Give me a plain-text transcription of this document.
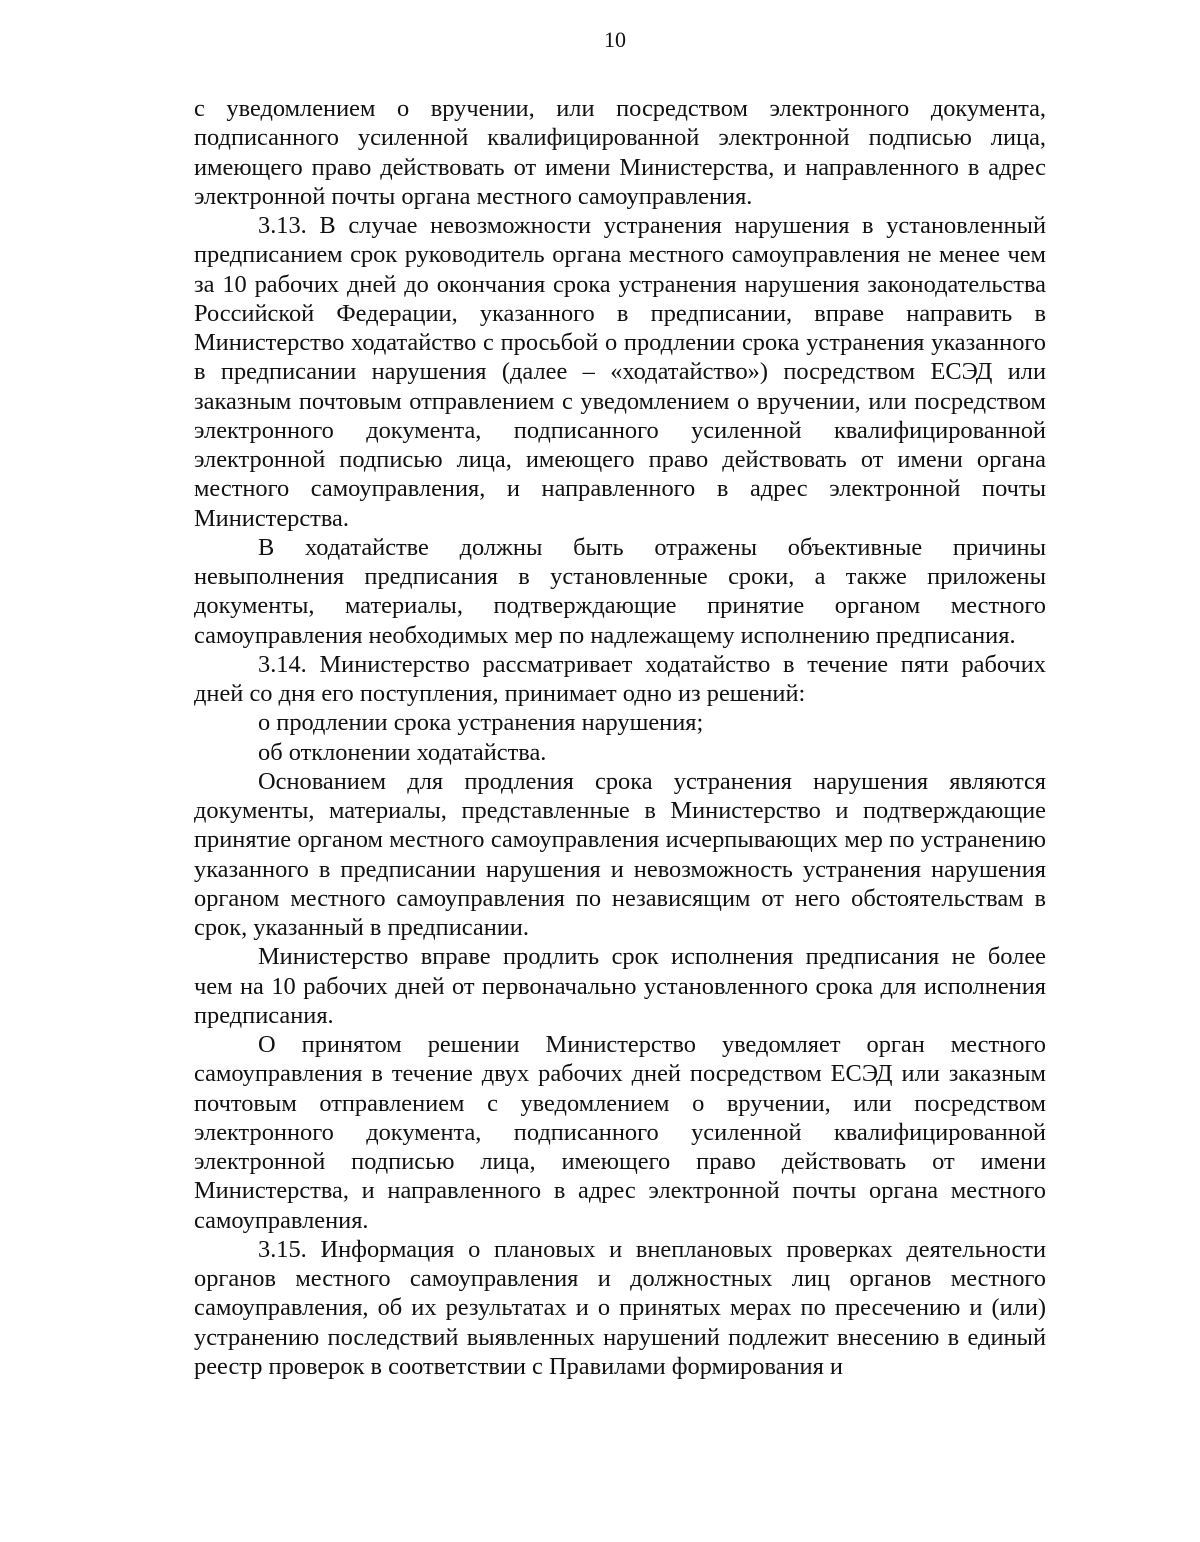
10

с уведомлением о вручении, или посредством электронного документа, подписанного усиленной квалифицированной электронной подписью лица, имеющего право действовать от имени Министерства, и направленного в адрес электронной почты органа местного самоуправления.

3.13. В случае невозможности устранения нарушения в установленный предписанием срок руководитель органа местного самоуправления не менее чем за 10 рабочих дней до окончания срока устранения нарушения законодательства Российской Федерации, указанного в предписании, вправе направить в Министерство ходатайство с просьбой о продлении срока устранения указанного в предписании нарушения (далее – «ходатайство») посредством ЕСЭД или заказным почтовым отправлением с уведомлением о вручении, или посредством электронного документа, подписанного усиленной квалифицированной электронной подписью лица, имеющего право действовать от имени органа местного самоуправления, и направленного в адрес электронной почты Министерства.

В ходатайстве должны быть отражены объективные причины невыполнения предписания в установленные сроки, а также приложены документы, материалы, подтверждающие принятие органом местного самоуправления необходимых мер по надлежащему исполнению предписания.

3.14. Министерство рассматривает ходатайство в течение пяти рабочих дней со дня его поступления, принимает одно из решений:

о продлении срока устранения нарушения;

об отклонении ходатайства.

Основанием для продления срока устранения нарушения являются документы, материалы, представленные в Министерство и подтверждающие принятие органом местного самоуправления исчерпывающих мер по устранению указанного в предписании нарушения и невозможность устранения нарушения органом местного самоуправления по независящим от него обстоятельствам в срок, указанный в предписании.

Министерство вправе продлить срок исполнения предписания не более чем на 10 рабочих дней от первоначально установленного срока для исполнения предписания.

О принятом решении Министерство уведомляет орган местного самоуправления в течение двух рабочих дней посредством ЕСЭД или заказным почтовым отправлением с уведомлением о вручении, или посредством электронного документа, подписанного усиленной квалифицированной электронной подписью лица, имеющего право действовать от имени Министерства, и направленного в адрес электронной почты органа местного самоуправления.

3.15. Информация о плановых и внеплановых проверках деятельности органов местного самоуправления и должностных лиц органов местного самоуправления, об их результатах и о принятых мерах по пресечению и (или) устранению последствий выявленных нарушений подлежит внесению в единый реестр проверок в соответствии с Правилами формирования и
